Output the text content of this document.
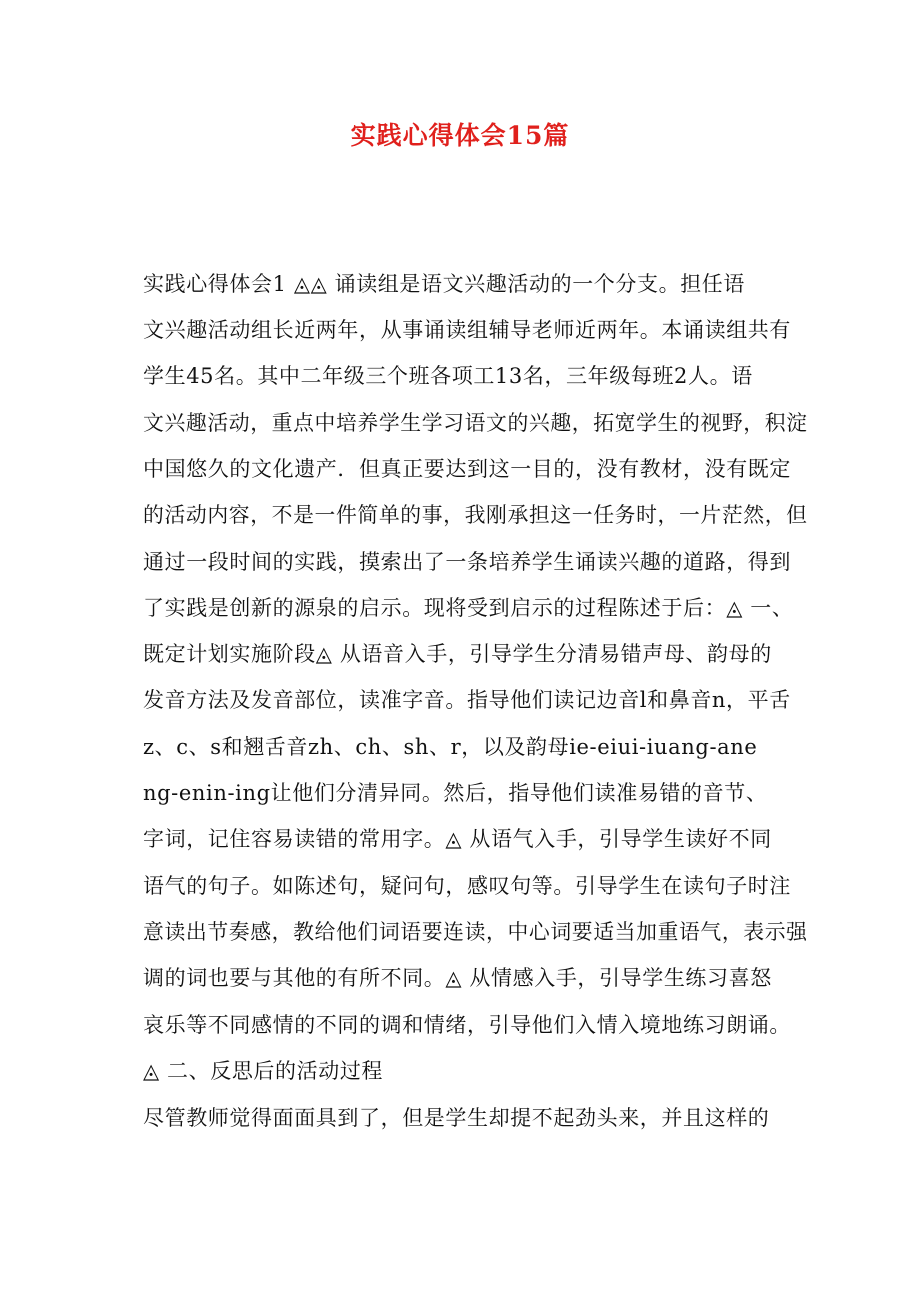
实践心得体会15篇
实践心得体会1 ◬◬ 诵读组是语文兴趣活动的一个分支。担任语
文兴趣活动组长近两年，从事诵读组辅导老师近两年。本诵读组共有
学生45名。其中二年级三个班各项工13名，三年级每班2人。语
文兴趣活动，重点中培养学生学习语文的兴趣，拓宽学生的视野，积淀
中国悠久的文化遗产．但真正要达到这一目的，没有教材，没有既定
的活动内容，不是一件简单的事，我刚承担这一任务时，一片茫然，但
通过一段时间的实践，摸索出了一条培养学生诵读兴趣的道路，得到
了实践是创新的源泉的启示。现将受到启示的过程陈述于后：◬ 一、
既定计划实施阶段◬ 从语音入手，引导学生分清易错声母、韵母的
发音方法及发音部位，读准字音。指导他们读记边音l和鼻音n，平舌
z、c、s和翘舌音zh、ch、sh、r，以及韵母ie-eiui-iuang-ane
ng-enin-ing让他们分清异同。然后，指导他们读准易错的音节、
字词，记住容易读错的常用字。◬ 从语气入手，引导学生读好不同
语气的句子。如陈述句，疑问句，感叹句等。引导学生在读句子时注
意读出节奏感，教给他们词语要连读，中心词要适当加重语气，表示强
调的词也要与其他的有所不同。◬ 从情感入手，引导学生练习喜怒
哀乐等不同感情的不同的调和情绪，引导他们入情入境地练习朗诵。
◬ 二、反思后的活动过程
尽管教师觉得面面具到了，但是学生却提不起劲头来，并且这样的
